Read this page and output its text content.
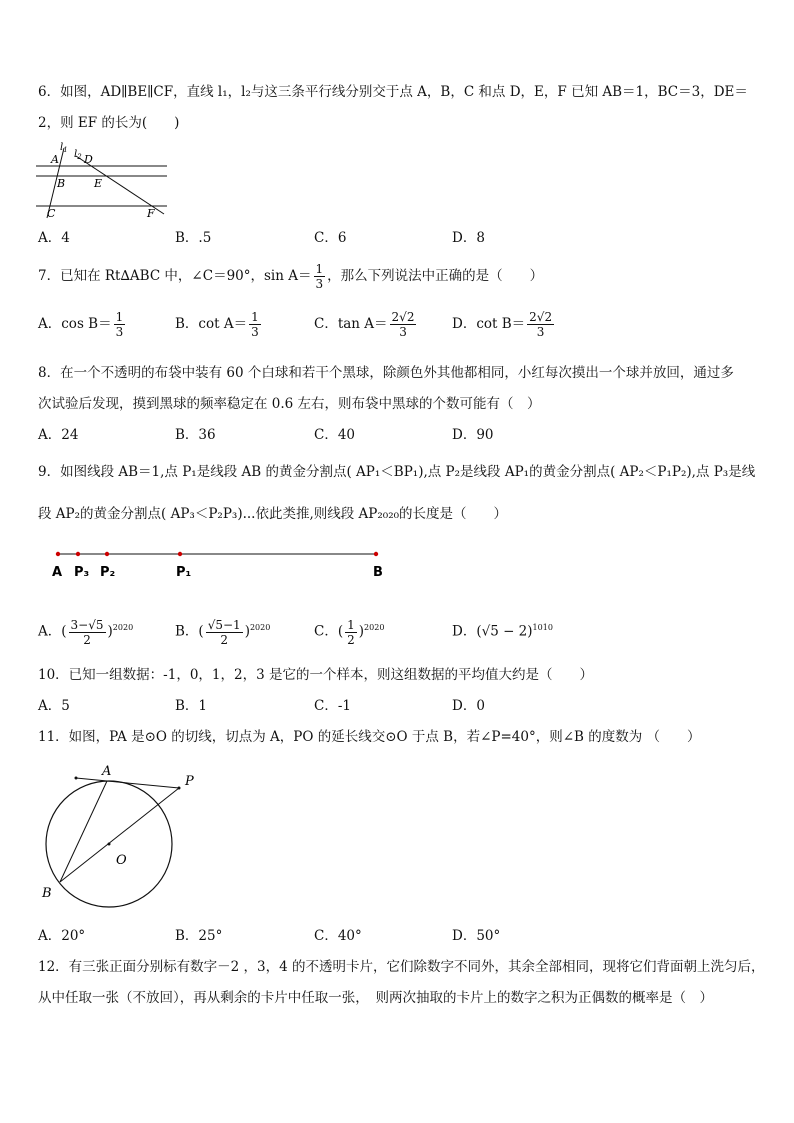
6．如图，AD∥BE∥CF，直线 l₁，l₂与这三条平行线分别交于点 A，B，C 和点 D，E，F 已知 AB＝1，BC＝3，DE＝
2，则 EF 的长为(　　)
$l_1$ $l_2$
A D
B	E
C	F
A．4	B．.5	C．6	D．8
7．已知在 Rt∆ABC 中，∠C＝90°，$\sin A= \frac{1}{3}$ ，那么下列说法中正确的是（　　）
A．$\cos B= \frac{1}{3}$	B．$\cot A= \frac{1}{3}$	C．$\tan A= \frac{2√2}{3}$	D．$\cot B= \frac{2√2}{3}$
8．在一个不透明的布袋中装有 60 个白球和若干个黑球，除颜色外其他都相同，小红每次摸出一个球并放回，通过多
次试验后发现，摸到黑球的频率稳定在 0.6 左右，则布袋中黑球的个数可能有（　）
A．24	B．36	C．40	D．90
9．如图线段 AB＝1,点 P₁是线段 AB 的黄金分割点( AP₁＜BP₁),点 P₂是线段 AP₁的黄金分割点( AP₂＜P₁P₂),点 P₃是线
段 AP₂的黄金分割点( AP₃＜P₂P₃)...依此类推,则线段 AP₂₀₂₀的长度是（　　）
A P₃ P₂	P₁	B
A．( $\frac{3-√5}{2} )^{2020}$	B．( $\frac{√5-1}{2} )^{2020}$	C．( $\frac{1}{2} )^{2020}$	D．$(√5 - 2)^{1010}$
10．已知一组数据：-1，0，1，2，3 是它的一个样本，则这组数据的平均值大约是（　　）
A．5	B．1	C．-1	D．0
11．如图，PA 是⊙O 的切线，切点为 A，PO 的延长线交⊙O 于点 B，若∠P=40°，则∠B 的度数为 （　　）
A
P
O
B
A．20°	B．25°	C．40°	D．50°
12．有三张正面分别标有数字－2 ，3，4 的不透明卡片，它们除数字不同外，其余全部相同，现将它们背面朝上洗匀后，
从中任取一张（不放回），再从剩余的卡片中任取一张，　则两次抽取的卡片上的数字之积为正偶数的概率是（　）
